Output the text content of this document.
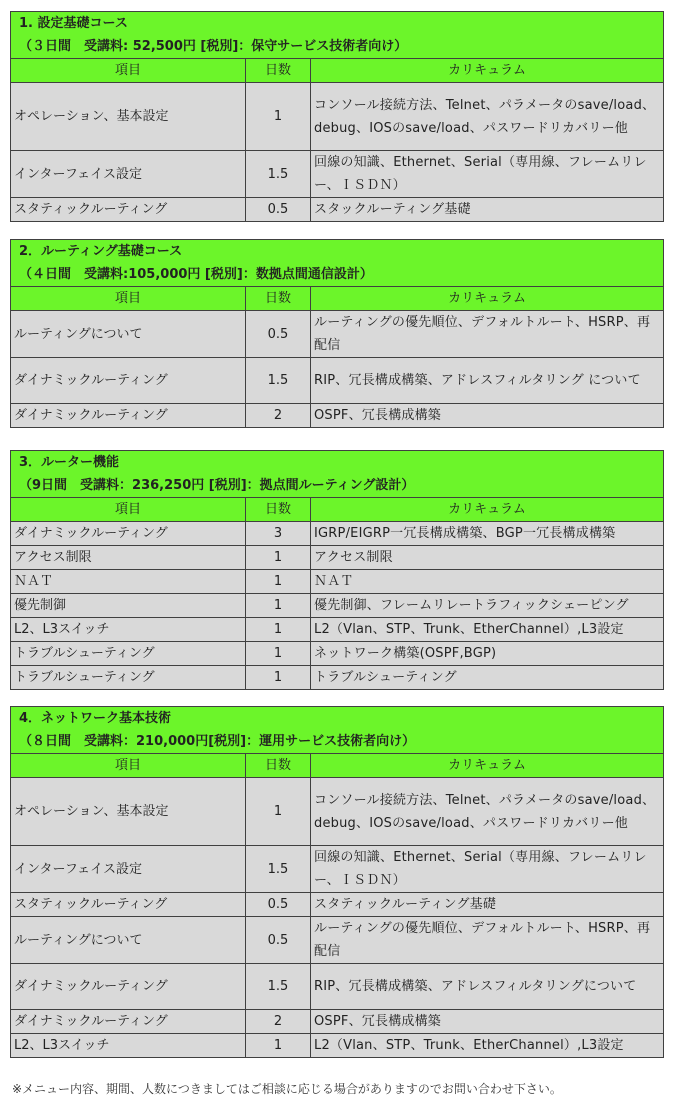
1. 設定基礎コース		
（３日間　受講料: 52,500円 [税別]：保守サービス技術者向け）		
項目	日数	カリキュラム
オペレーション、基本設定	1	コンソール接続方法、Telnet、パラメータのsave/load、debug、IOSのsave/load、パスワードリカバリー他
インターフェイス設定	1.5	回線の知識、Ethernet、Serial（専用線、フレームリレー、ＩＳＤＮ）
スタティックルーティング	0.5	スタックルーティング基礎
2．ルーティング基礎コース		
（４日間　受講料:105,000円 [税別]：数拠点間通信設計）		
項目	日数	カリキュラム
ルーティングについて	0.5	ルーティングの優先順位、デフォルトルート、HSRP、再配信
ダイナミックルーティング	1.5	RIP、冗長構成構築、アドレスフィルタリング について
ダイナミックルーティング	2	OSPF、冗長構成構築
3．ルーター機能		
（9日間　受講料：236,250円 [税別]：拠点間ルーティング設計）		
項目	日数	カリキュラム
ダイナミックルーティング	3	IGRP/EIGRP一冗長構成構築、BGP一冗長構成構築
アクセス制限	1	アクセス制限
ＮＡＴ	1	ＮＡＴ
優先制御	1	優先制御、フレームリレートラフィックシェーピング
L2、L3スイッチ	1	L2（Vlan、STP、Trunk、EtherChannel）,L3設定
トラブルシューティング	1	ネットワーク構築(OSPF,BGP)
トラブルシューティング	1	トラブルシューティング
4．ネットワーク基本技術		
（８日間　受講料：210,000円[税別]：運用サービス技術者向け）		
項目	日数	カリキュラム
オペレーション、基本設定	1	コンソール接続方法、Telnet、パラメータのsave/load、debug、IOSのsave/load、パスワードリカバリー他
インターフェイス設定	1.5	回線の知識、Ethernet、Serial（専用線、フレームリレー、ＩＳＤＮ）
スタティックルーティング	0.5	スタティックルーティング基礎
ルーティングについて	0.5	ルーティングの優先順位、デフォルトルート、HSRP、再配信
ダイナミックルーティング	1.5	RIP、冗長構成構築、アドレスフィルタリングについて
ダイナミックルーティング	2	OSPF、冗長構成構築
L2、L3スイッチ	1	L2（Vlan、STP、Trunk、EtherChannel）,L3設定
※メニュー内容、期間、人数につきましてはご相談に応じる場合がありますのでお問い合わせ下さい。
